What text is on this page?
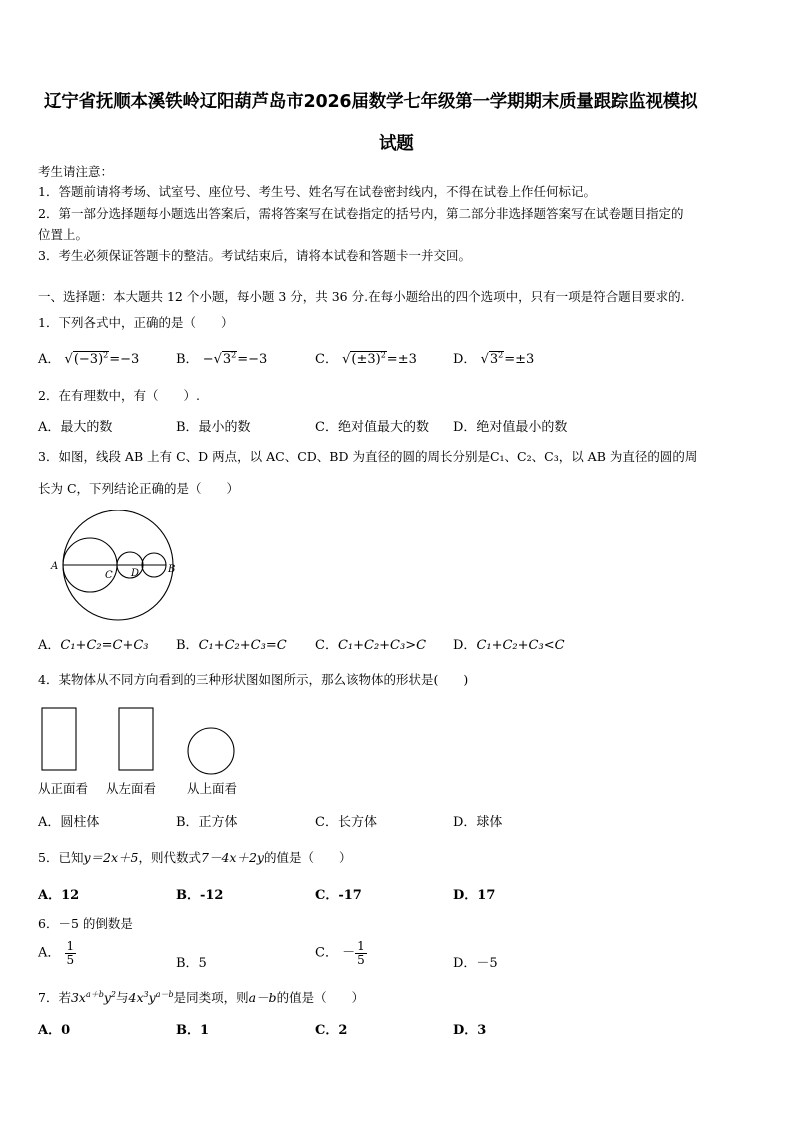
辽宁省抚顺本溪铁岭辽阳葫芦岛市2026届数学七年级第一学期期末质量跟踪监视模拟
试题
考生请注意：
1．答题前请将考场、试室号、座位号、考生号、姓名写在试卷密封线内，不得在试卷上作任何标记。
2．第一部分选择题每小题选出答案后，需将答案写在试卷指定的括号内，第二部分非选择题答案写在试卷题目指定的
位置上。
3．考生必须保证答题卡的整洁。考试结束后，请将本试卷和答题卡一并交回。
一、选择题：本大题共 12 个小题，每小题 3 分，共 36 分.在每小题给出的四个选项中，只有一项是符合题目要求的.
1．下列各式中，正确的是（　　）
A． $√(-3)^2=-3$	B． $-√3^2=-3$	C． $√(\pm 3)^2=\pm 3$	D． $√3^2=\pm 3$
2．在有理数中，有（　　）.
A．最大的数	B．最小的数	C．绝对值最大的数 D．绝对值最小的数
3．如图，线段 AB 上有 C、D 两点，以 AC、CD、BD 为直径的圆的周长分别是C₁、C₂、C₃，以 AB 为直径的圆的周
长为 C，下列结论正确的是（　　）
A
C D	B
A．C₁+C₂=C+C₃ B．C₁+C₂+C₃=C C．C₁+C₂+C₃>C D．C₁+C₂+C₃<C
4．某物体从不同方向看到的三种形状图如图所示，那么该物体的形状是(　　)
从正面看 从左面看 从上面看
A．圆柱体	B．正方体	C．长方体	D．球体
5．已知y＝2x＋5，则代数式7－4x＋2y的值是（　　）
A．12	B．-12	C．-17	D．17
6．－5 的倒数是
A． $\frac{1}{5}$	B．5
C． － $\frac{1}{5}$	D．－5
7．若$3x^{a+b}y^2$与$4x^3y^{a-b}$是同类项，则a－b的值是（　　）
A．0	B．1	C．2	D．3
